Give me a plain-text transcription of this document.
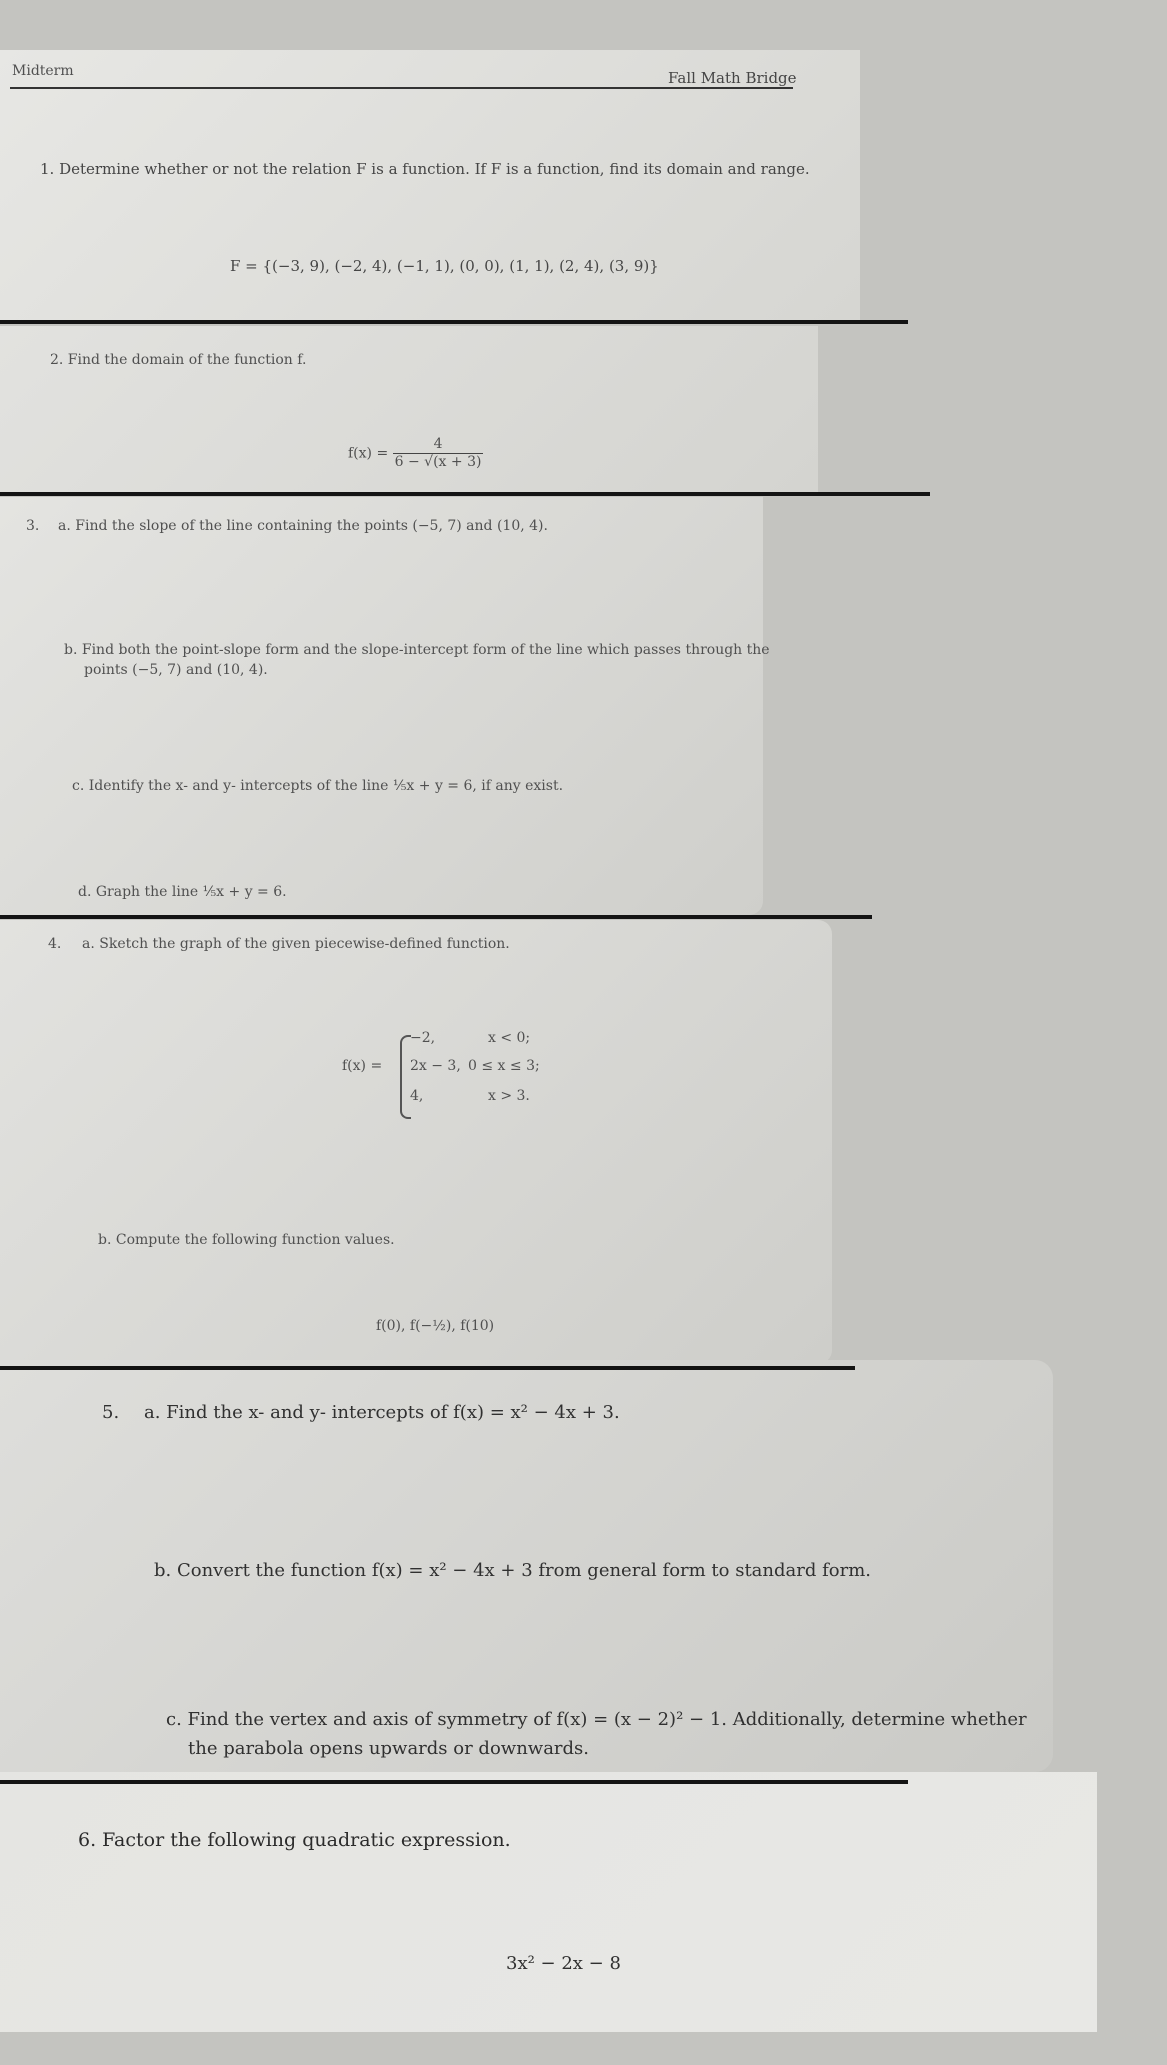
Midterm	Fall Math Bridge
1. Determine whether or not the relation F is a function. If F is a function, find its domain and range.
F = {(−3, 9), (−2, 4), (−1, 1), (0, 0), (1, 1), (2, 4), (3, 9)}
2. Find the domain of the function f.
$f(x) = \frac{4}{6 - √(x + 3)}$
3. a. Find the slope of the line containing the points (−5, 7) and (10, 4).
b. Find both the point-slope form and the slope-intercept form of the line which passes through the
points (−5, 7) and (10, 4).
c. Identify the x- and y- intercepts of the line ⅕x + y = 6, if any exist.
d. Graph the line ⅕x + y = 6.
4. a. Sketch the graph of the given piecewise-defined function.
f(x) =
−2,	x < 0;
2x − 3, 0 ≤ x ≤ 3;
4,	x > 3.
b. Compute the following function values.
f(0), f(−½), f(10)
5. a. Find the x- and y- intercepts of f(x) = x² − 4x + 3.
b. Convert the function f(x) = x² − 4x + 3 from general form to standard form.
c. Find the vertex and axis of symmetry of f(x) = (x − 2)² − 1. Additionally, determine whether
the parabola opens upwards or downwards.
6. Factor the following quadratic expression.
3x² − 2x − 8
